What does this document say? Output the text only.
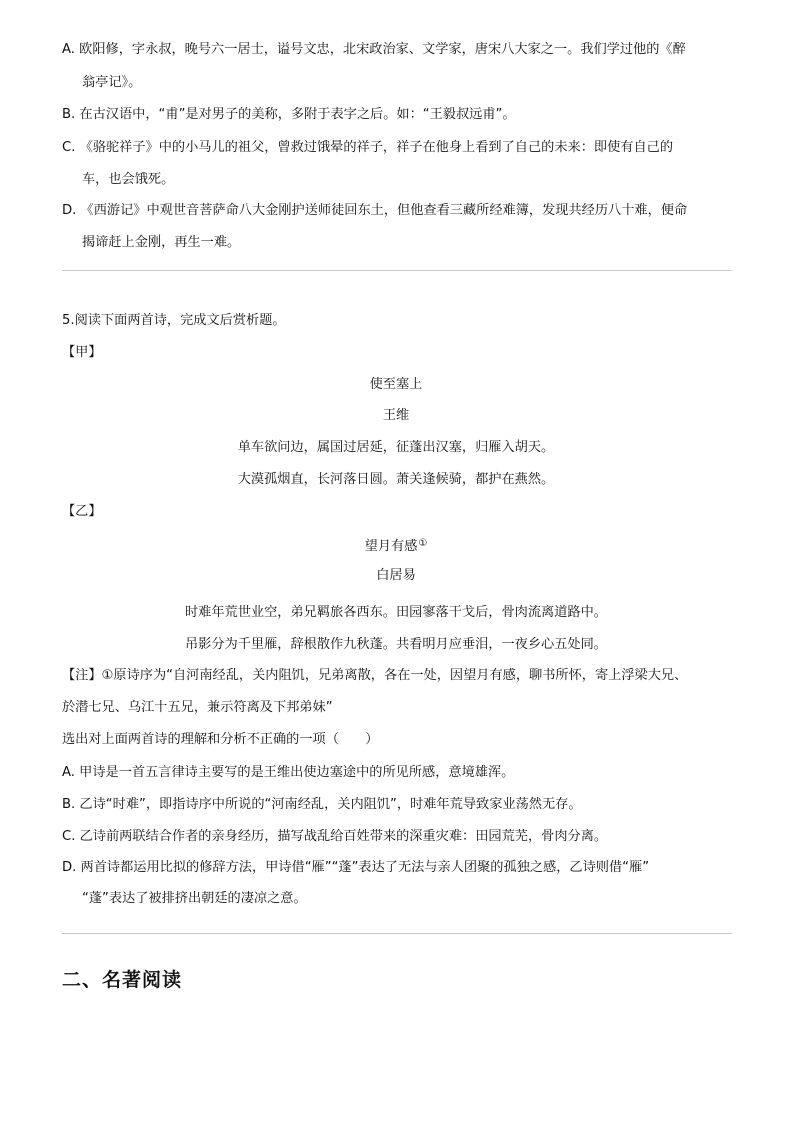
A. 欧阳修，字永叔，晚号六一居士，谥号文忠，北宋政治家、文学家，唐宋八大家之一。我们学过他的《醉
翁亭记》。
B. 在古汉语中，“甫”是对男子的美称，多附于表字之后。如：“王毅叔远甫”。
C. 《骆驼祥子》中的小马儿的祖父，曾救过饿晕的祥子，祥子在他身上看到了自己的未来：即使有自己的
车，也会饿死。
D. 《西游记》中观世音菩萨命八大金刚护送师徒回东土，但他查看三藏所经难簿，发现共经历八十难，便命
揭谛赶上金刚，再生一难。
5.阅读下面两首诗，完成文后赏析题。
【甲】
使至塞上
王维
单车欲问边，属国过居延，征蓬出汉塞，归雁入胡天。
大漠孤烟直，长河落日圆。萧关逢候骑，都护在燕然。
【乙】
望月有感①
白居易
时难年荒世业空，弟兄羁旅各西东。田园寥落干戈后，骨肉流离道路中。
吊影分为千里雁，辞根散作九秋蓬。共看明月应垂泪，一夜乡心五处同。
【注】①原诗序为“自河南经乱，关内阻饥，兄弟离散，各在一处，因望月有感，聊书所怀，寄上浮梁大兄、
於潜七兄、乌江十五兄，兼示符离及下邦弟妹”
选出对上面两首诗的理解和分析不正确的一项（　　）
A. 甲诗是一首五言律诗主要写的是王维出使边塞途中的所见所感，意境雄浑。
B. 乙诗“时难”，即指诗序中所说的“河南经乱，关内阻饥”，时难年荒导致家业荡然无存。
C. 乙诗前两联结合作者的亲身经历，描写战乱给百姓带来的深重灾难：田园荒芜，骨肉分离。
D. 两首诗都运用比拟的修辞方法，甲诗借“雁”“蓬”表达了无法与亲人团聚的孤独之感，乙诗则借“雁”
“蓬”表达了被排挤出朝廷的凄凉之意。
二、名著阅读
